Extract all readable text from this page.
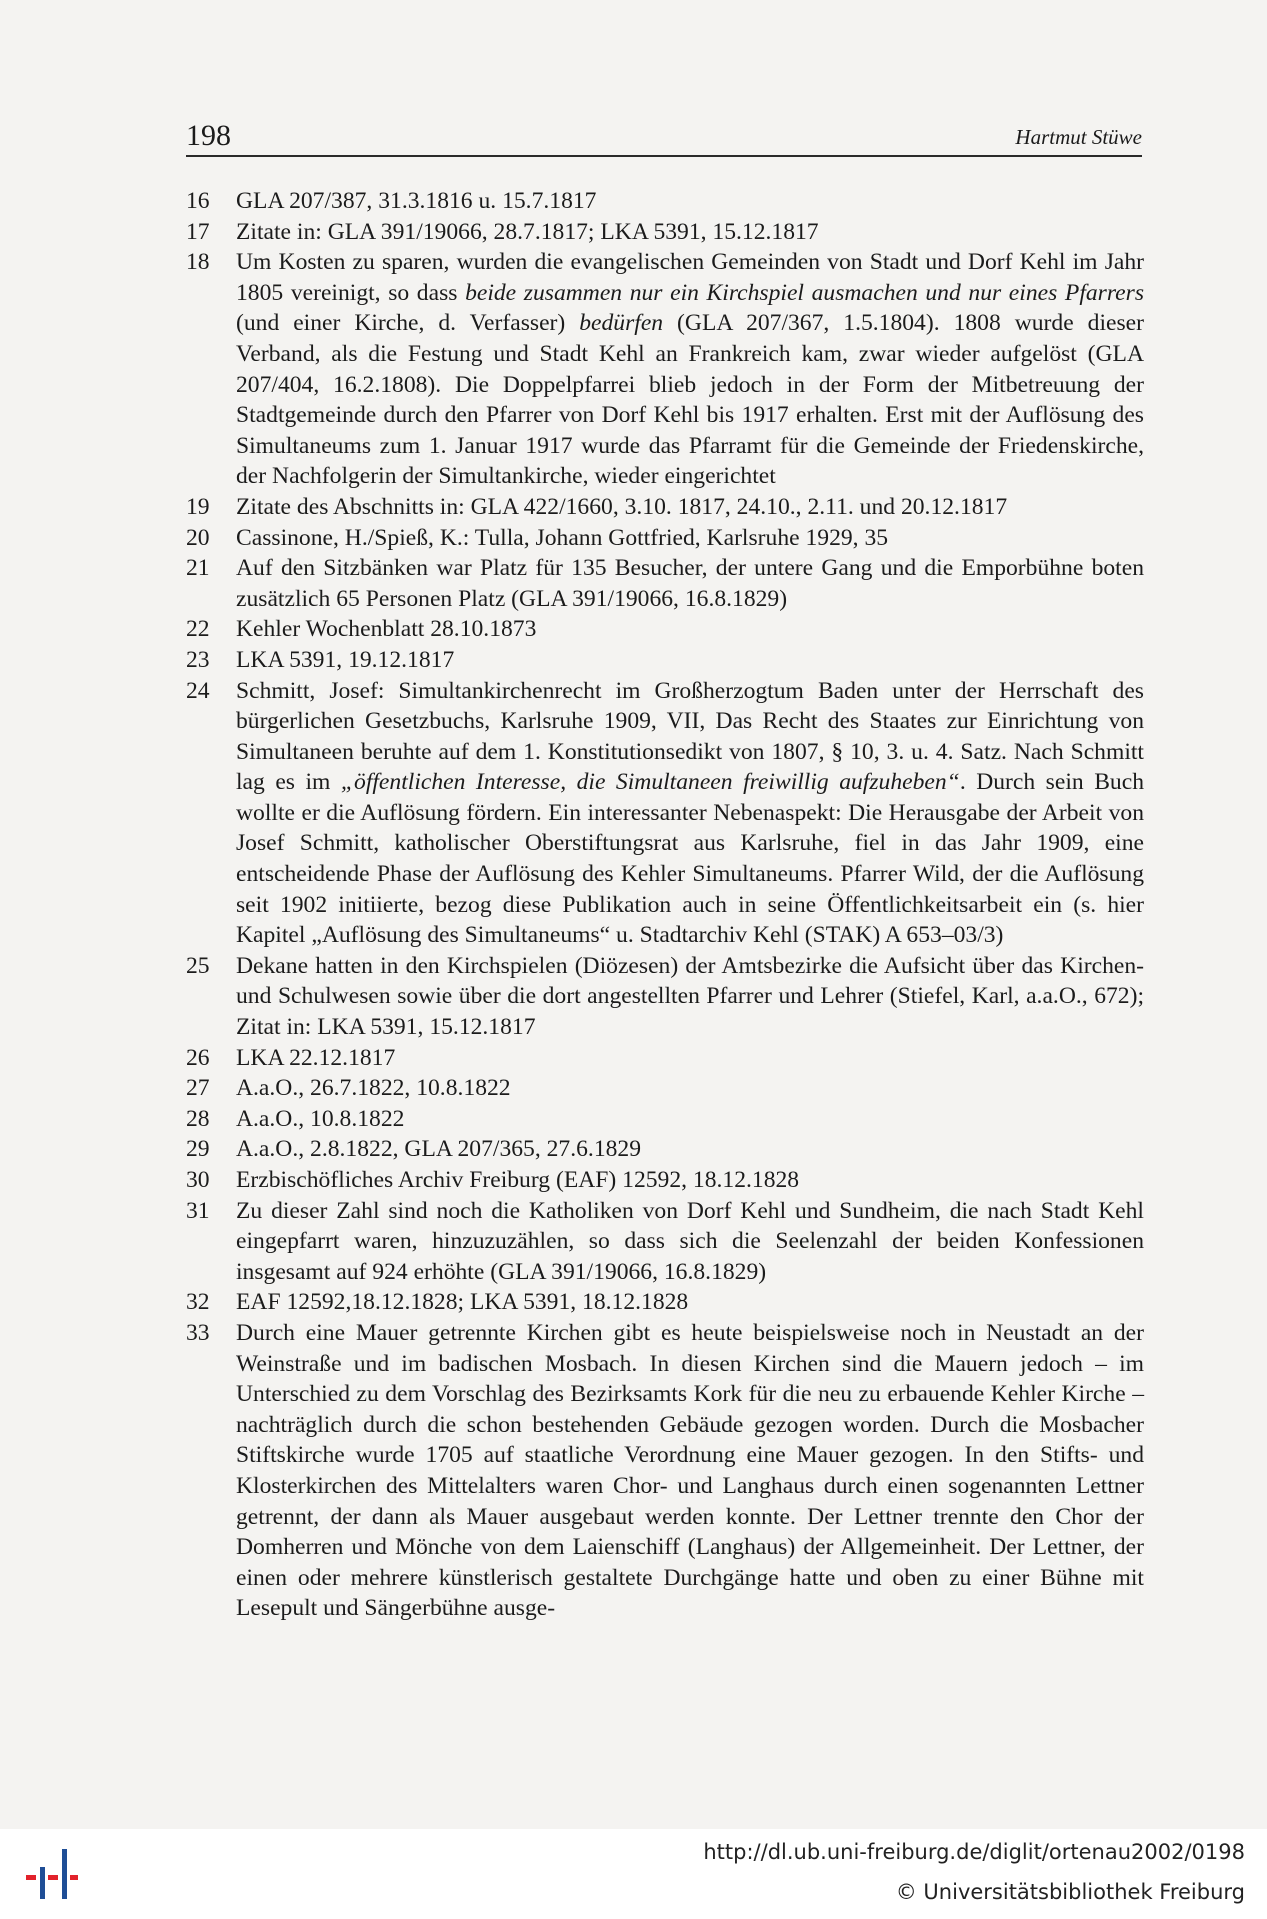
198	Hartmut Stüwe
16	GLA 207/387, 31.3.1816 u. 15.7.1817
17	Zitate in: GLA 391/19066, 28.7.1817; LKA 5391, 15.12.1817
18	Um Kosten zu sparen, wurden die evangelischen Gemeinden von Stadt und Dorf Kehl im Jahr 1805 vereinigt, so dass beide zusammen nur ein Kirchspiel ausmachen und nur eines Pfarrers (und einer Kirche, d. Verfasser) bedürfen (GLA 207/367, 1.5.1804). 1808 wurde dieser Verband, als die Festung und Stadt Kehl an Frankreich kam, zwar wieder aufgelöst (GLA 207/404, 16.2.1808). Die Doppelpfarrei blieb jedoch in der Form der Mitbetreuung der Stadtgemeinde durch den Pfarrer von Dorf Kehl bis 1917 erhalten. Erst mit der Auflösung des Simultaneums zum 1. Januar 1917 wurde das Pfarramt für die Gemeinde der Friedenskirche, der Nachfolgerin der Simultankirche, wieder eingerichtet
19	Zitate des Abschnitts in: GLA 422/1660, 3.10. 1817, 24.10., 2.11. und 20.12.1817
20	Cassinone, H./Spieß, K.: Tulla, Johann Gottfried, Karlsruhe 1929, 35
21	Auf den Sitzbänken war Platz für 135 Besucher, der untere Gang und die Emporbühne boten zusätzlich 65 Personen Platz (GLA 391/19066, 16.8.1829)
22	Kehler Wochenblatt 28.10.1873
23	LKA 5391, 19.12.1817
24	Schmitt, Josef: Simultankirchenrecht im Großherzogtum Baden unter der Herrschaft des bürgerlichen Gesetzbuchs, Karlsruhe 1909, VII, Das Recht des Staates zur Einrichtung von Simultaneen beruhte auf dem 1. Konstitutionsedikt von 1807, § 10, 3. u. 4. Satz. Nach Schmitt lag es im „öffentlichen Interesse, die Simultaneen freiwillig aufzuheben“. Durch sein Buch wollte er die Auflösung fördern. Ein interessanter Nebenaspekt: Die Herausgabe der Arbeit von Josef Schmitt, katholischer Oberstiftungsrat aus Karlsruhe, fiel in das Jahr 1909, eine entscheidende Phase der Auflösung des Kehler Simultaneums. Pfarrer Wild, der die Auflösung seit 1902 initiierte, bezog diese Publikation auch in seine Öffentlichkeitsarbeit ein (s. hier Kapitel „Auflösung des Simultaneums“ u. Stadtarchiv Kehl (STAK) A 653–03/3)
25	Dekane hatten in den Kirchspielen (Diözesen) der Amtsbezirke die Aufsicht über das Kirchen- und Schulwesen sowie über die dort angestellten Pfarrer und Lehrer (Stiefel, Karl, a.a.O., 672); Zitat in: LKA 5391, 15.12.1817
26	LKA 22.12.1817
27	A.a.O., 26.7.1822, 10.8.1822
28	A.a.O., 10.8.1822
29	A.a.O., 2.8.1822, GLA 207/365, 27.6.1829
30	Erzbischöfliches Archiv Freiburg (EAF) 12592, 18.12.1828
31	Zu dieser Zahl sind noch die Katholiken von Dorf Kehl und Sundheim, die nach Stadt Kehl eingepfarrt waren, hinzuzuzählen, so dass sich die Seelenzahl der beiden Konfessionen insgesamt auf 924 erhöhte (GLA 391/19066, 16.8.1829)
32	EAF 12592,18.12.1828; LKA 5391, 18.12.1828
33	Durch eine Mauer getrennte Kirchen gibt es heute beispielsweise noch in Neustadt an der Weinstraße und im badischen Mosbach. In diesen Kirchen sind die Mauern jedoch – im Unterschied zu dem Vorschlag des Bezirksamts Kork für die neu zu erbauende Kehler Kirche – nachträglich durch die schon bestehenden Gebäude gezogen worden. Durch die Mosbacher Stiftskirche wurde 1705 auf staatliche Verordnung eine Mauer gezogen. In den Stifts- und Klosterkirchen des Mittelalters waren Chor- und Langhaus durch einen sogenannten Lettner getrennt, der dann als Mauer ausgebaut werden konnte. Der Lettner trennte den Chor der Domherren und Mönche von dem Laienschiff (Langhaus) der Allgemeinheit. Der Lettner, der einen oder mehrere künstlerisch gestaltete Durchgänge hatte und oben zu einer Bühne mit Lesepult und Sängerbühne ausge-
http://dl.ub.uni-freiburg.de/diglit/ortenau2002/0198
© Universitätsbibliothek Freiburg
